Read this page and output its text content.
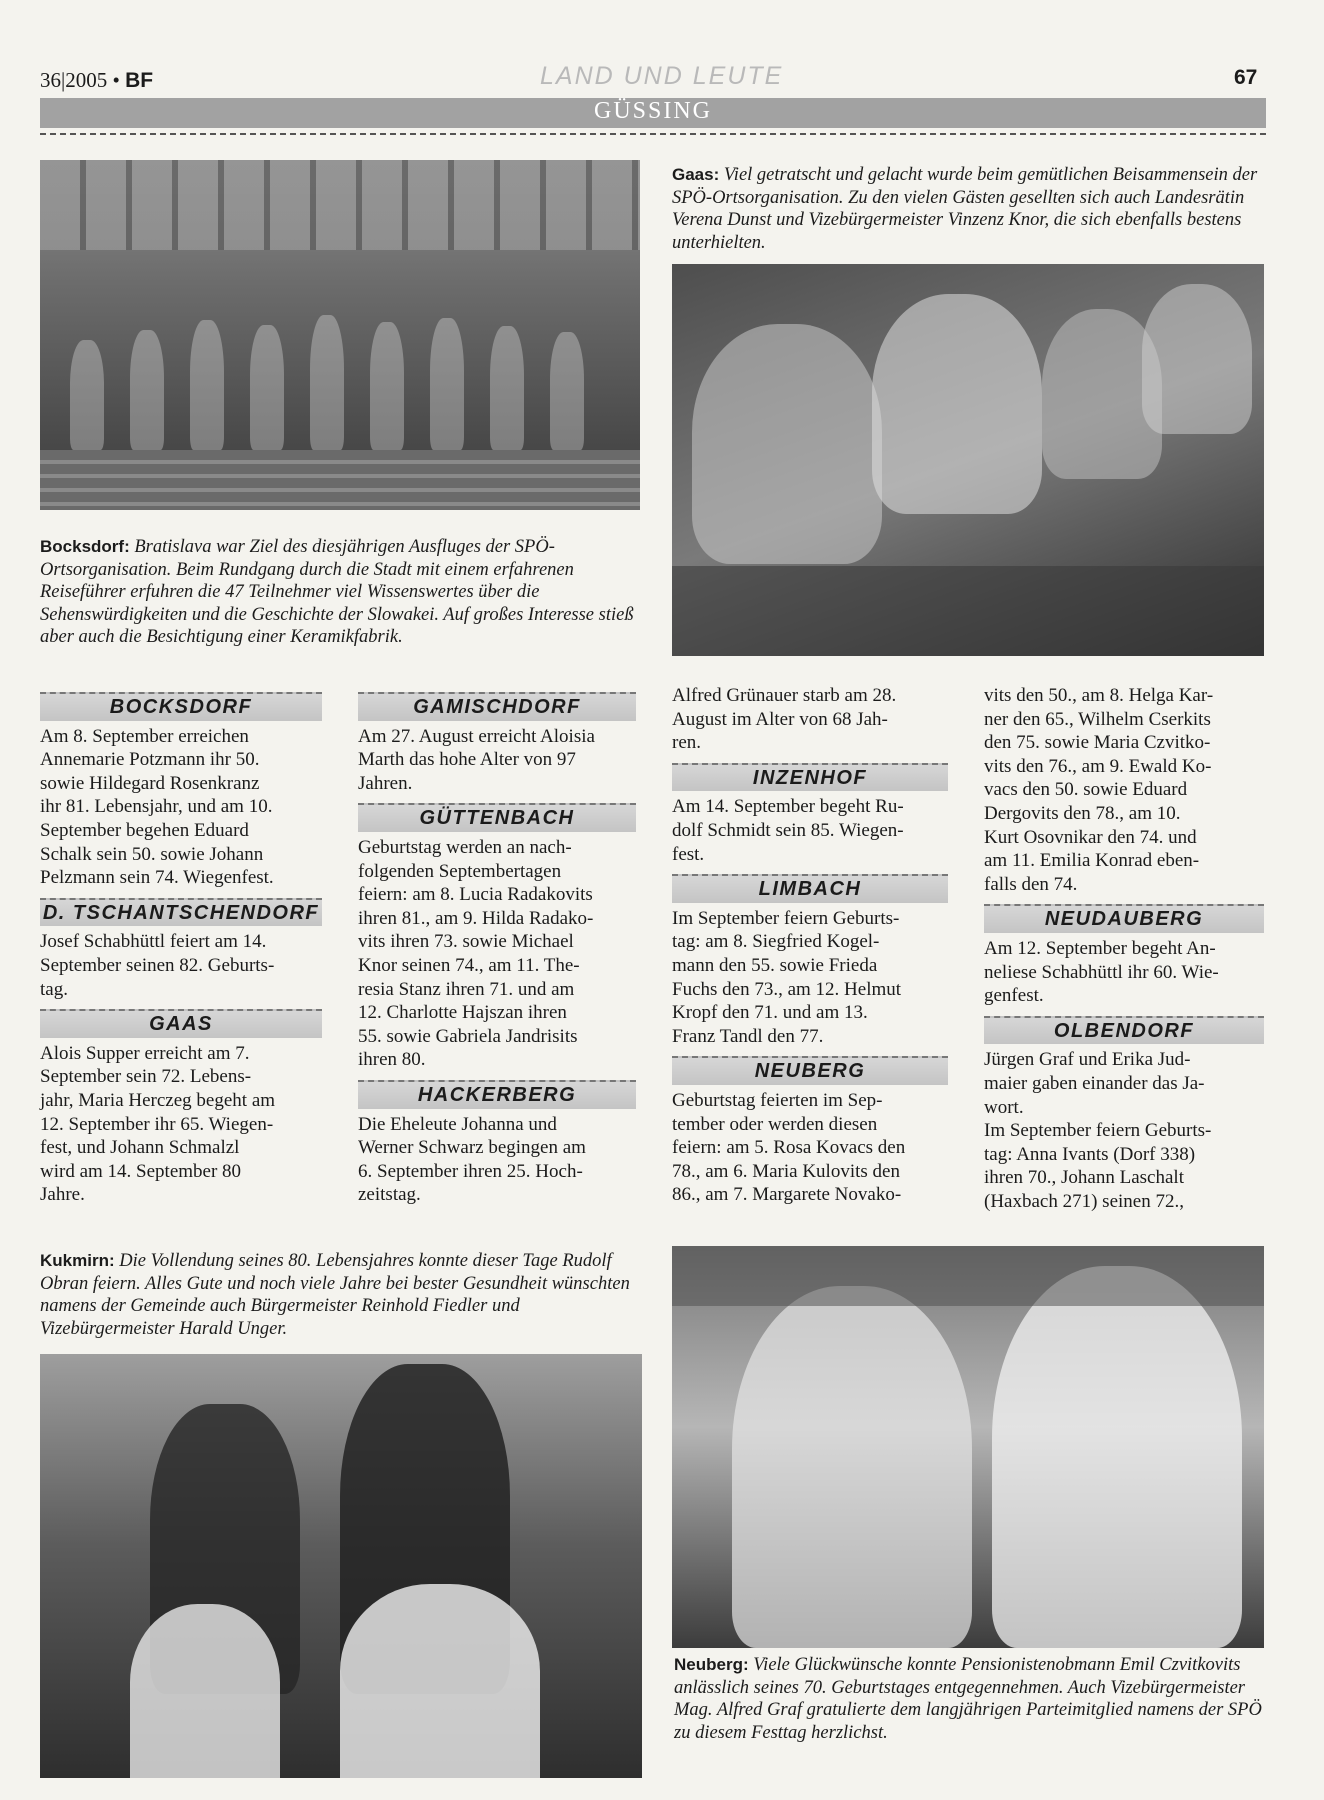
36|2005 • BF	LAND UND LEUTE	67
GÜSSING
Gaas: Viel getratscht und gelacht wurde beim gemütlichen Beisammensein der SPÖ-Ortsorganisation. Zu den vielen Gästen gesellten sich auch Landesrätin Verena Dunst und Vizebürgermeister Vinzenz Knor, die sich ebenfalls bestens unterhielten.
Bocksdorf: Bratislava war Ziel des diesjährigen Ausfluges der SPÖ-Ortsorganisation. Beim Rundgang durch die Stadt mit einem erfahrenen Reiseführer erfuhren die 47 Teilnehmer viel Wissenswertes über die Sehenswürdigkeiten und die Geschichte der Slowakei. Auf großes Interesse stieß aber auch die Besichtigung einer Keramikfabrik.
BOCKSDORF

Am 8. September erreichen

Annemarie Potzmann ihr 50.

sowie Hildegard Rosenkranz

ihr 81. Lebensjahr, und am 10.

September begehen Eduard

Schalk sein 50. sowie Johann

Pelzmann sein 74. Wiegenfest.

D. TSCHANTSCHENDORF

Josef Schabhüttl feiert am 14.

September seinen 82. Geburts-

tag.

GAAS

Alois Supper erreicht am 7.

September sein 72. Lebens-

jahr, Maria Herczeg begeht am

12. September ihr 65. Wiegen-

fest, und Johann Schmalzl

wird am 14. September 80

Jahre.

GAMISCHDORF

Am 27. August erreicht Aloisia

Marth das hohe Alter von 97

Jahren.

GÜTTENBACH

Geburtstag werden an nach-

folgenden Septembertagen

feiern: am 8. Lucia Radakovits

ihren 81., am 9. Hilda Radako-

vits ihren 73. sowie Michael

Knor seinen 74., am 11. The-

resia Stanz ihren 71. und am

12. Charlotte Hajszan ihren

55. sowie Gabriela Jandrisits

ihren 80.

HACKERBERG

Die Eheleute Johanna und

Werner Schwarz begingen am

6. September ihren 25. Hoch-

zeitstag.

Alfred Grünauer starb am 28.

August im Alter von 68 Jah-

ren.

INZENHOF

Am 14. September begeht Ru-

dolf Schmidt sein 85. Wiegen-

fest.

LIMBACH

Im September feiern Geburts-

tag: am 8. Siegfried Kogel-

mann den 55. sowie Frieda

Fuchs den 73., am 12. Helmut

Kropf den 71. und am 13.

Franz Tandl den 77.

NEUBERG

Geburtstag feierten im Sep-

tember oder werden diesen

feiern: am 5. Rosa Kovacs den

78., am 6. Maria Kulovits den

86., am 7. Margarete Novako-

vits den 50., am 8. Helga Kar-

ner den 65., Wilhelm Cserkits

den 75. sowie Maria Czvitko-

vits den 76., am 9. Ewald Ko-

vacs den 50. sowie Eduard

Dergovits den 78., am 10.

Kurt Osovnikar den 74. und

am 11. Emilia Konrad eben-

falls den 74.

NEUDAUBERG

Am 12. September begeht An-

neliese Schabhüttl ihr 60. Wie-

genfest.

OLBENDORF

Jürgen Graf und Erika Jud-

maier gaben einander das Ja-

wort.

Im September feiern Geburts-

tag: Anna Ivants (Dorf 338)

ihren 70., Johann Laschalt

(Haxbach 271) seinen 72.,

Kukmirn: Die Vollendung seines 80. Lebensjahres konnte dieser Tage Rudolf Obran feiern. Alles Gute und noch viele Jahre bei bester Gesundheit wünschten namens der Gemeinde auch Bürgermeister Reinhold Fiedler und Vizebürgermeister Harald Unger.
Neuberg: Viele Glückwünsche konnte Pensionistenobmann Emil Czvitkovits anlässlich seines 70. Geburtstages entgegennehmen. Auch Vizebürgermeister Mag. Alfred Graf gratulierte dem langjährigen Parteimitglied namens der SPÖ zu diesem Festtag herzlichst.
